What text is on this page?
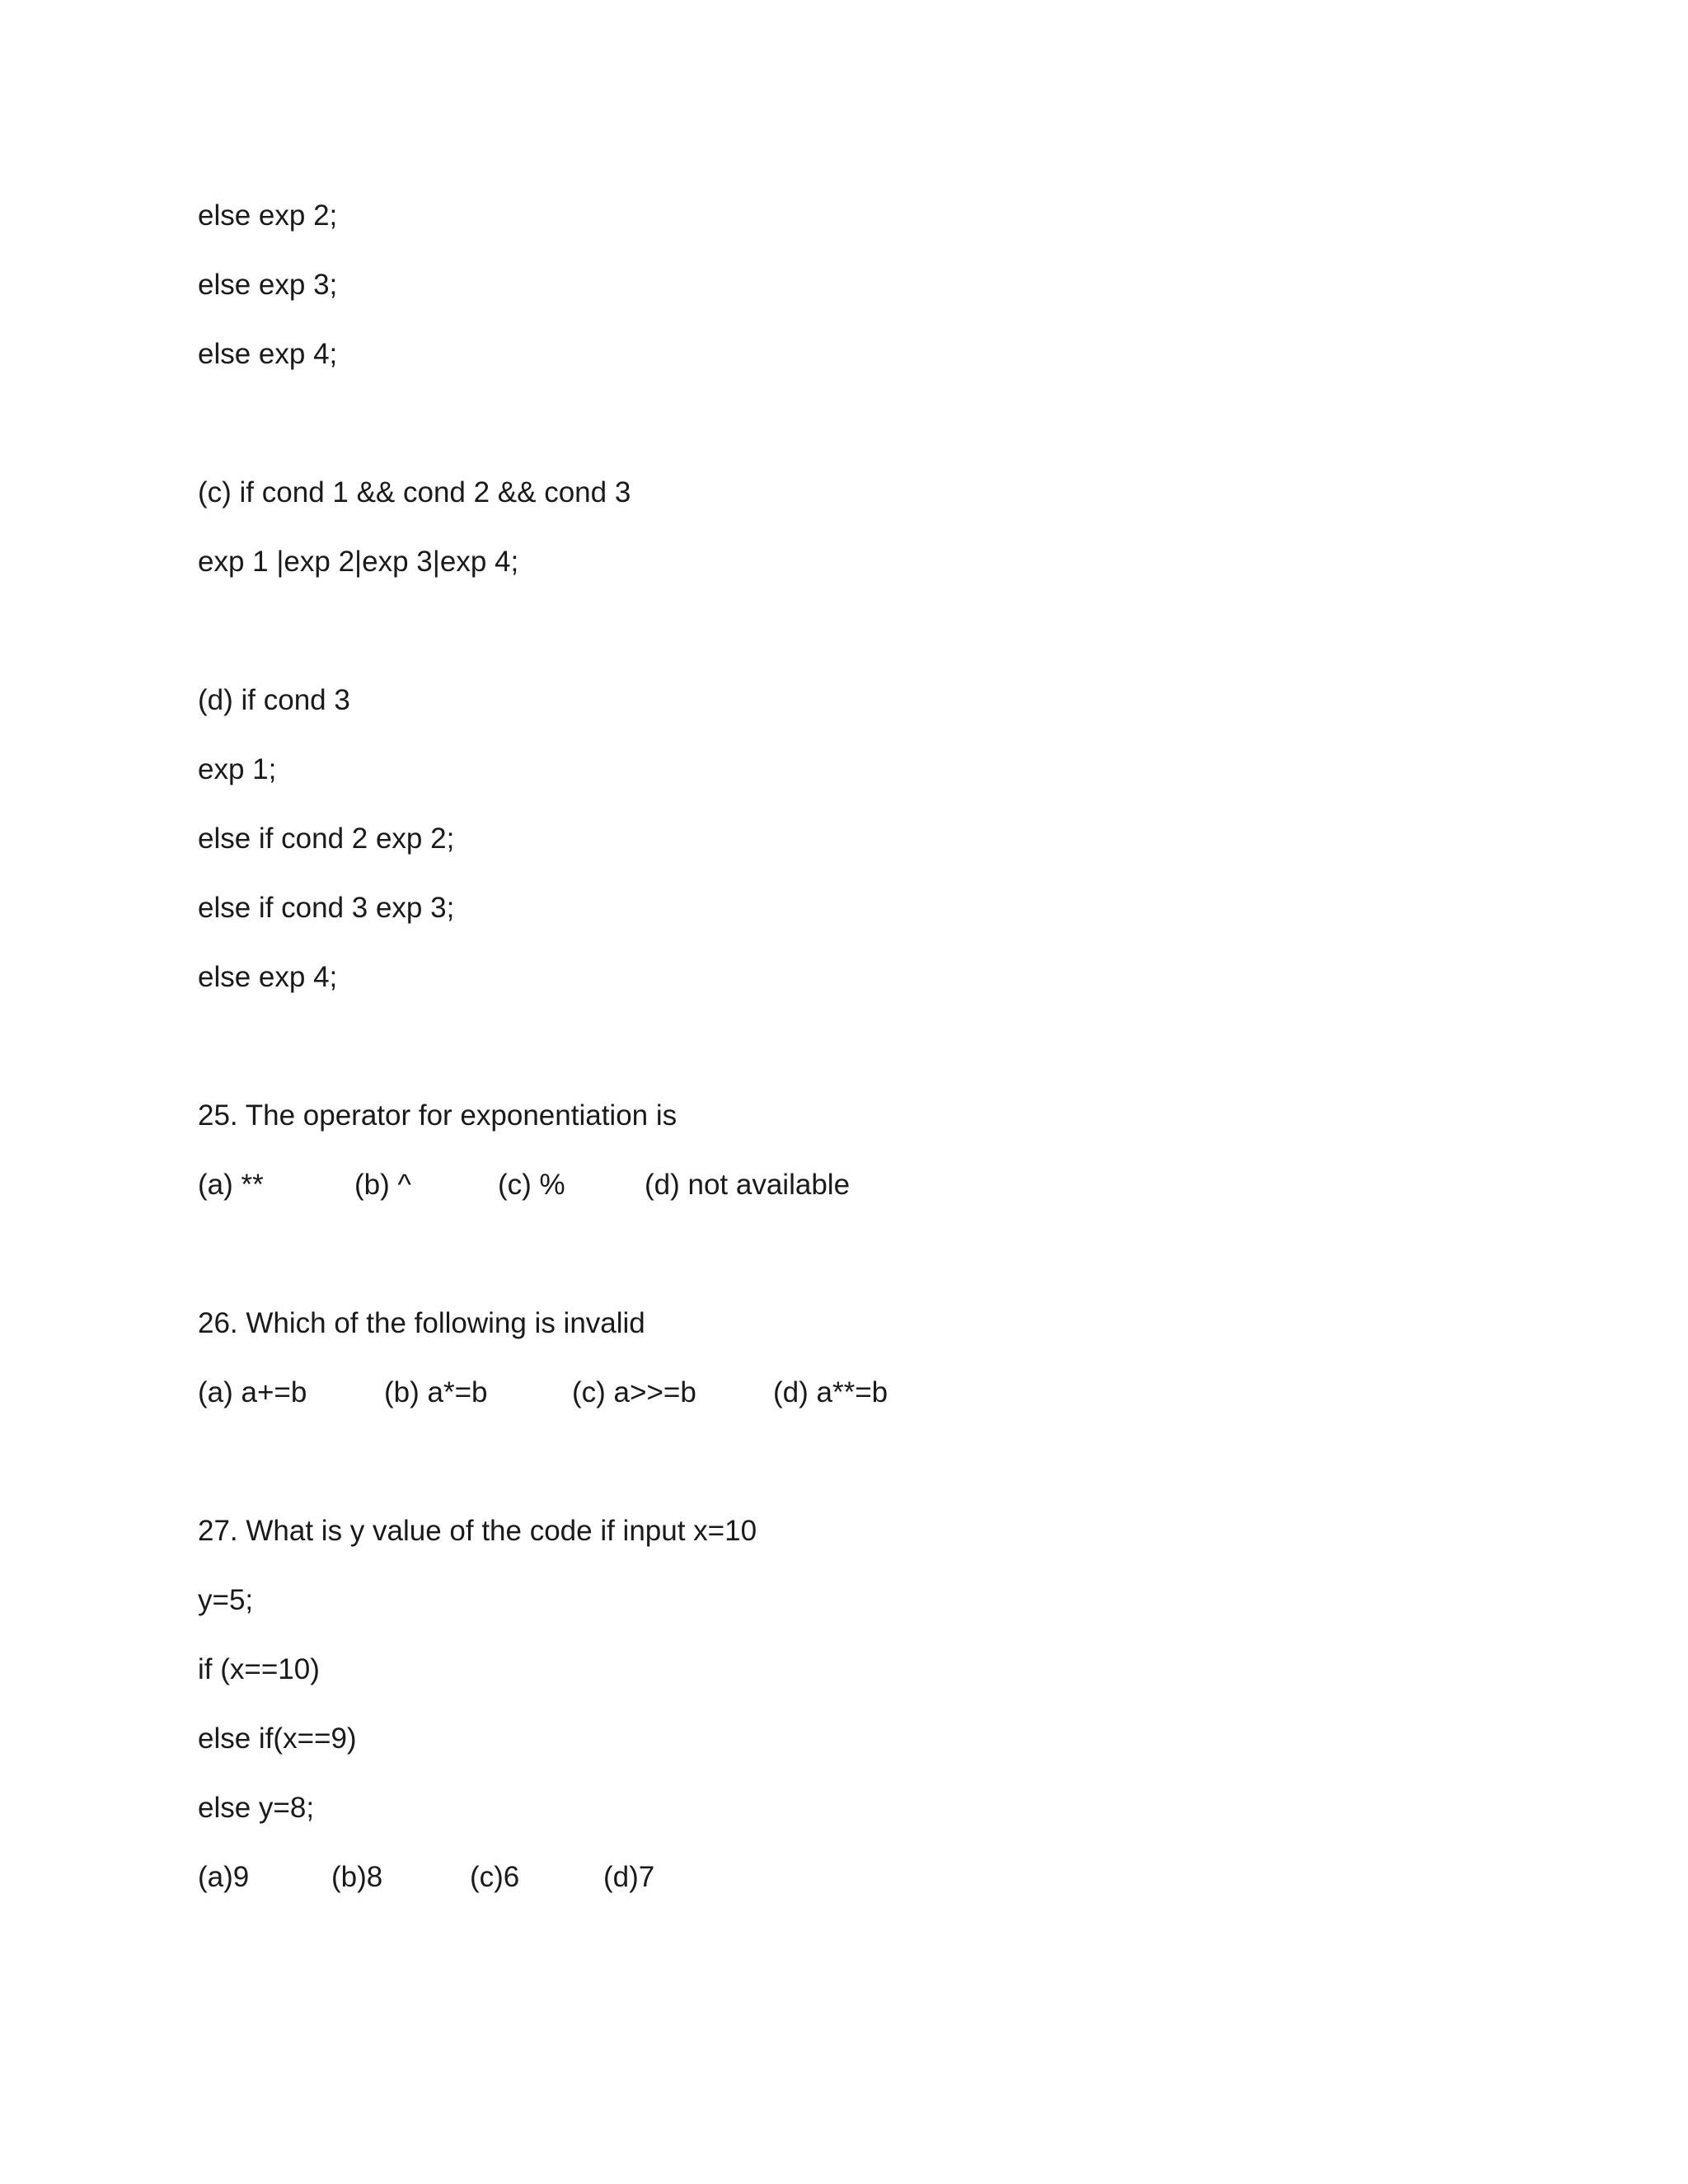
else exp 2;
else exp 3;
else exp 4;
(c) if cond 1 && cond 2 && cond 3
exp 1 |exp 2|exp 3|exp 4;
(d) if cond 3
exp 1;
else if cond 2 exp 2;
else if cond 3 exp 3;
else exp 4;
25. The operator for exponentiation is
(a) **	(b) ^	(c) %	(d) not available
26. Which of the following is invalid
(a) a+=b	(b) a*=b	(c) a>>=b	(d) a**=b
27. What is y value of the code if input x=10
y=5;
if (x==10)
else if(x==9)
else y=8;
(a)9	(b)8	(c)6	(d)7
